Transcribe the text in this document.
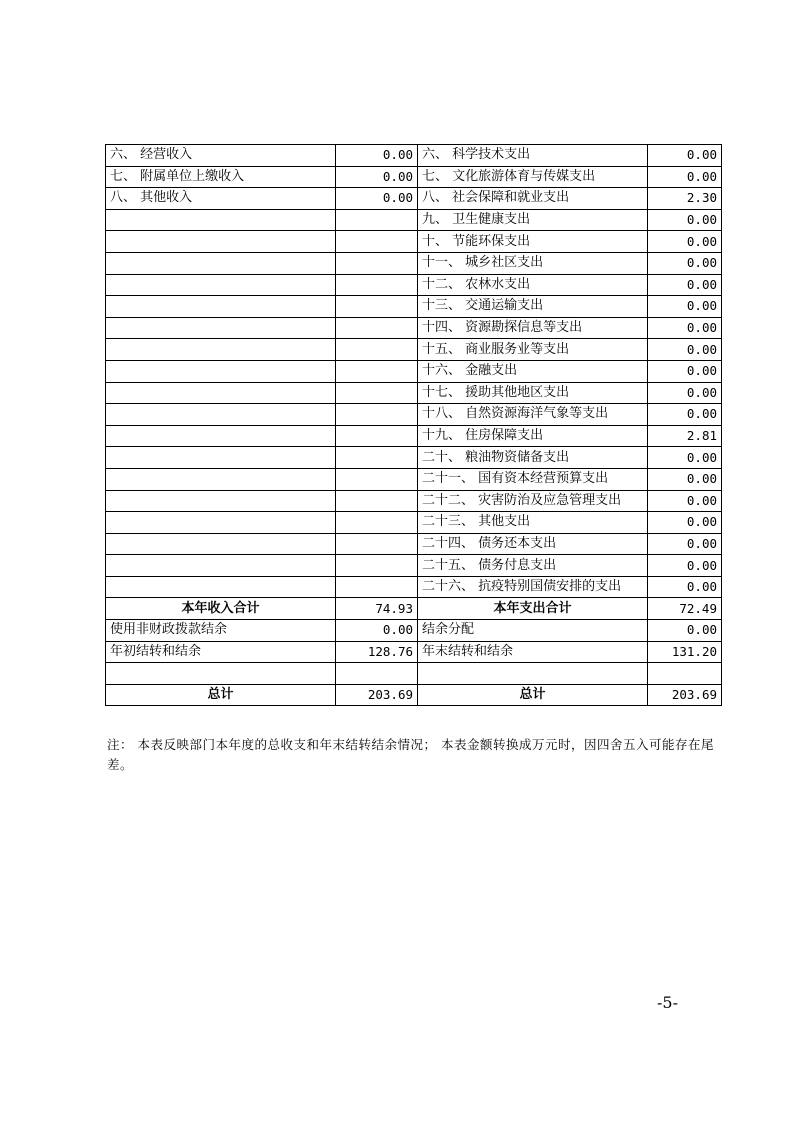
六、 经营收入	0.00	六、 科学技术支出	0.00
七、 附属单位上缴收入	0.00	七、 文化旅游体育与传媒支出	0.00
八、 其他收入	0.00	八、 社会保障和就业支出	2.30
		九、 卫生健康支出	0.00
		十、 节能环保支出	0.00
		十一、 城乡社区支出	0.00
		十二、 农林水支出	0.00
		十三、 交通运输支出	0.00
		十四、 资源勘探信息等支出	0.00
		十五、 商业服务业等支出	0.00
		十六、 金融支出	0.00
		十七、 援助其他地区支出	0.00
		十八、 自然资源海洋气象等支出	0.00
		十九、 住房保障支出	2.81
		二十、 粮油物资储备支出	0.00
		二十一、 国有资本经营预算支出	0.00
		二十二、 灾害防治及应急管理支出	0.00
		二十三、 其他支出	0.00
		二十四、 债务还本支出	0.00
		二十五、 债务付息支出	0.00
		二十六、 抗疫特别国债安排的支出	0.00
本年收入合计	74.93	本年支出合计	72.49
使用非财政拨款结余	0.00	结余分配	0.00
年初结转和结余	128.76	年末结转和结余	131.20

总计	203.69	总计	203.69
注： 本表反映部门本年度的总收支和年末结转结余情况； 本表金额转换成万元时，因四舍五入可能存在尾差。
-5-
